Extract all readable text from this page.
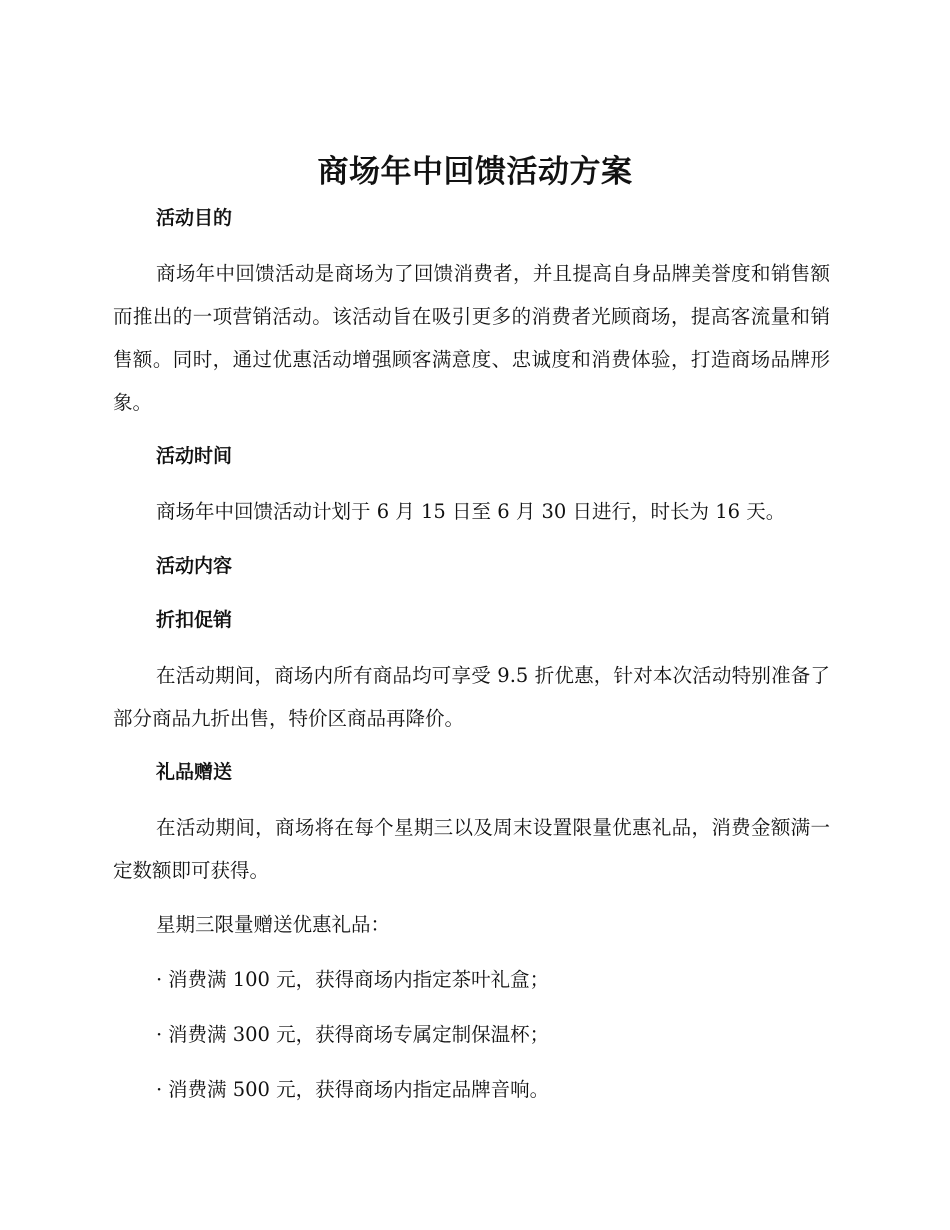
商场年中回馈活动方案
活动目的

商场年中回馈活动是商场为了回馈消费者，并且提高自身品牌美誉度和销售额而推出的一项营销活动。该活动旨在吸引更多的消费者光顾商场，提高客流量和销售额。同时，通过优惠活动增强顾客满意度、忠诚度和消费体验，打造商场品牌形象。

活动时间

商场年中回馈活动计划于 6 月 15 日至 6 月 30 日进行，时长为 16 天。

活动内容
折扣促销

在活动期间，商场内所有商品均可享受 9.5 折优惠，针对本次活动特别准备了部分商品九折出售，特价区商品再降价。

礼品赠送

在活动期间，商场将在每个星期三以及周末设置限量优惠礼品，消费金额满一定数额即可获得。

星期三限量赠送优惠礼品：
· 消费满 100 元，获得商场内指定茶叶礼盒；
· 消费满 300 元，获得商场专属定制保温杯；
· 消费满 500 元，获得商场内指定品牌音响。
